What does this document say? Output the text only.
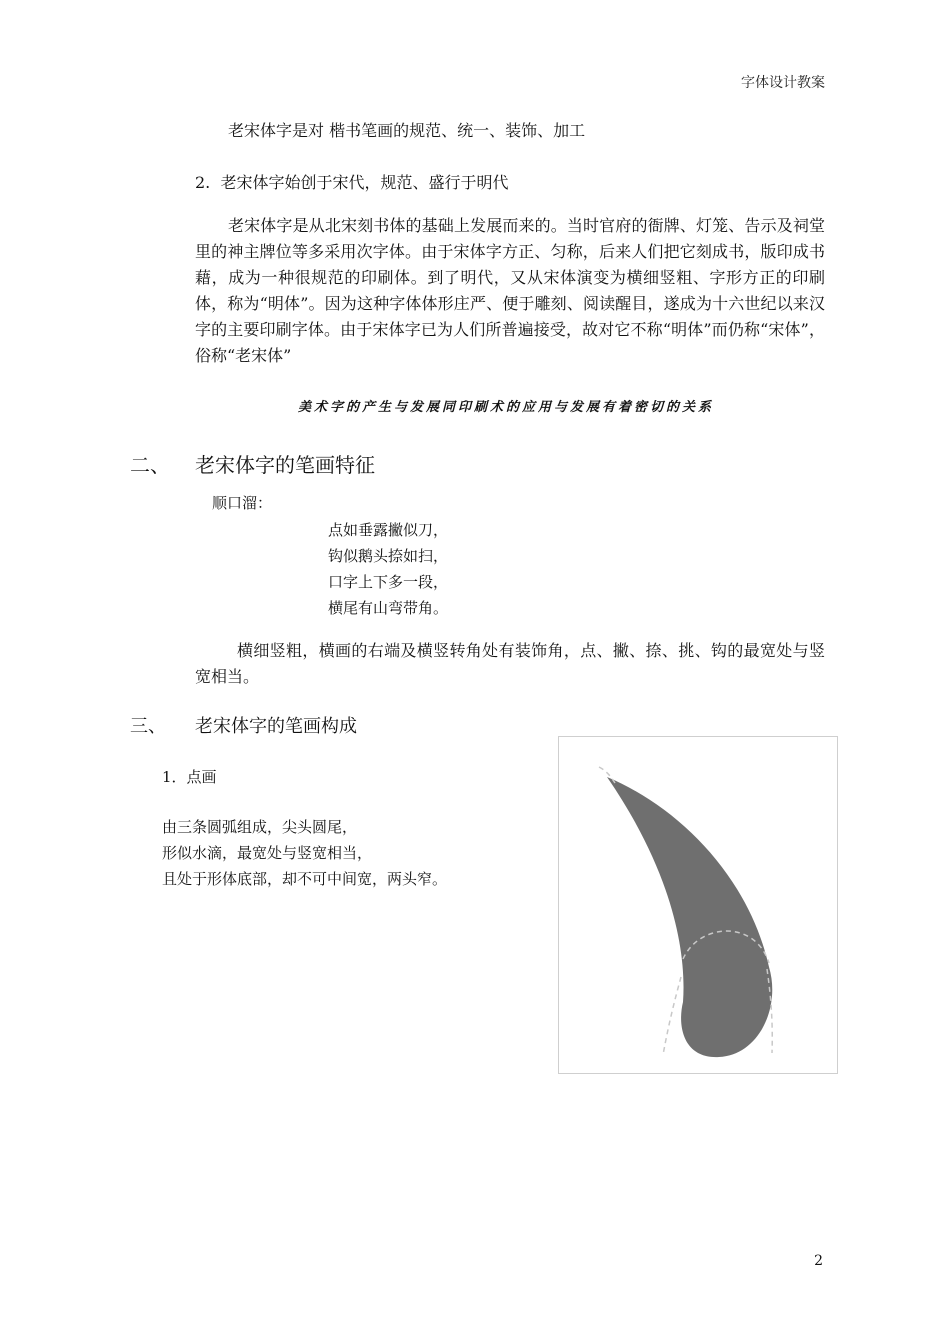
字体设计教案
老宋体字是对 楷书笔画的规范、统一、装饰、加工
2.  老宋体字始创于宋代，规范、盛行于明代
老宋体字是从北宋刻书体的基础上发展而来的。当时官府的衙牌、灯笼、告示及祠堂里的神主牌位等多采用次字体。由于宋体字方正、匀称，后来人们把它刻成书，版印成书藉，成为一种很规范的印刷体。到了明代，又从宋体演变为横细竖粗、字形方正的印刷体，称为“明体”。因为这种字体体形庄严、便于雕刻、阅读醒目，遂成为十六世纪以来汉字的主要印刷字体。由于宋体字已为人们所普遍接受，故对它不称“明体”而仍称“宋体”，俗称“老宋体”
美术字的产生与发展同印刷术的应用与发展有着密切的关系
二、 老宋体字的笔画特征
顺口溜：
点如垂露撇似刀，
钩似鹅头捺如扫，
口字上下多一段，
横尾有山弯带角。
横细竖粗，横画的右端及横竖转角处有装饰角，点、撇、捺、挑、钩的最宽处与竖宽相当。
三、 老宋体字的笔画构成
1．点画
由三条圆弧组成，尖头圆尾，
形似水滴，最宽处与竖宽相当，
且处于形体底部，却不可中间宽，两头窄。
2
